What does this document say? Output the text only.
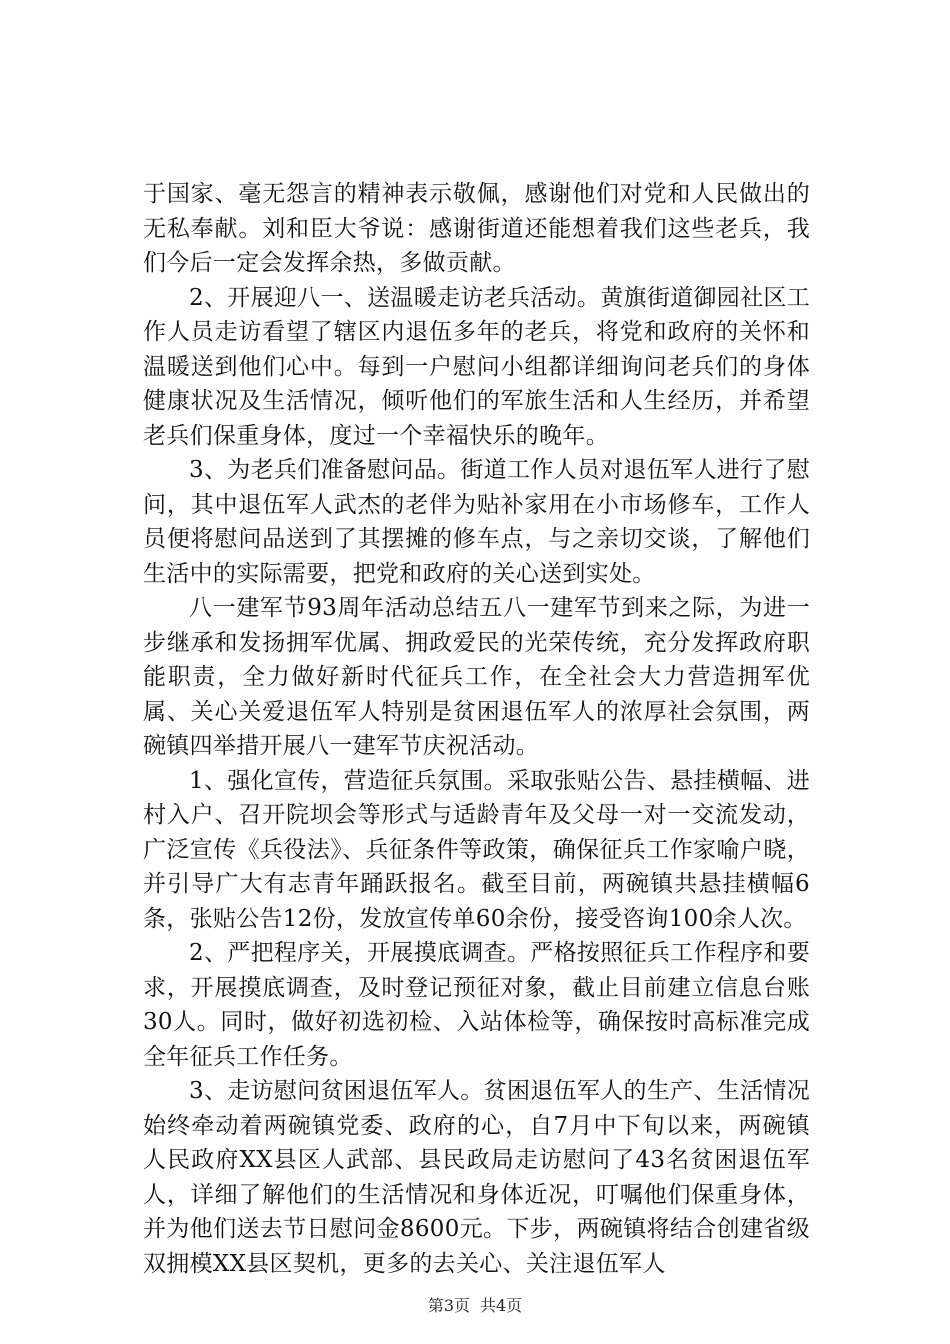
于国家、毫无怨言的精神表示敬佩，感谢他们对党和人民做出的无私奉献。刘和臣大爷说：感谢街道还能想着我们这些老兵，我们今后一定会发挥余热，多做贡献。

2、开展迎八一、送温暖走访老兵活动。黄旗街道御园社区工作人员走访看望了辖区内退伍多年的老兵，将党和政府的关怀和温暖送到他们心中。每到一户慰问小组都详细询问老兵们的身体健康状况及生活情况，倾听他们的军旅生活和人生经历，并希望老兵们保重身体，度过一个幸福快乐的晚年。

3、为老兵们准备慰问品。街道工作人员对退伍军人进行了慰问，其中退伍军人武杰的老伴为贴补家用在小市场修车，工作人员便将慰问品送到了其摆摊的修车点，与之亲切交谈，了解他们生活中的实际需要，把党和政府的关心送到实处。

八一建军节93周年活动总结五八一建军节到来之际，为进一步继承和发扬拥军优属、拥政爱民的光荣传统，充分发挥政府职能职责，全力做好新时代征兵工作，在全社会大力营造拥军优属、关心关爱退伍军人特别是贫困退伍军人的浓厚社会氛围，两碗镇四举措开展八一建军节庆祝活动。

1、强化宣传，营造征兵氛围。采取张贴公告、悬挂横幅、进村入户、召开院坝会等形式与适龄青年及父母一对一交流发动，广泛宣传《兵役法》、兵征条件等政策，确保征兵工作家喻户晓，并引导广大有志青年踊跃报名。截至目前，两碗镇共悬挂横幅6条，张贴公告12份，发放宣传单60余份，接受咨询100余人次。

2、严把程序关，开展摸底调查。严格按照征兵工作程序和要求，开展摸底调查，及时登记预征对象，截止目前建立信息台账30人。同时，做好初选初检、入站体检等，确保按时高标准完成全年征兵工作任务。

3、走访慰问贫困退伍军人。贫困退伍军人的生产、生活情况始终牵动着两碗镇党委、政府的心，自7月中下旬以来，两碗镇人民政府XX县区人武部、县民政局走访慰问了43名贫困退伍军人，详细了解他们的生活情况和身体近况，叮嘱他们保重身体，并为他们送去节日慰问金8600元。下步，两碗镇将结合创建省级双拥模XX县区契机，更多的去关心、关注退伍军人

第3页 共4页
